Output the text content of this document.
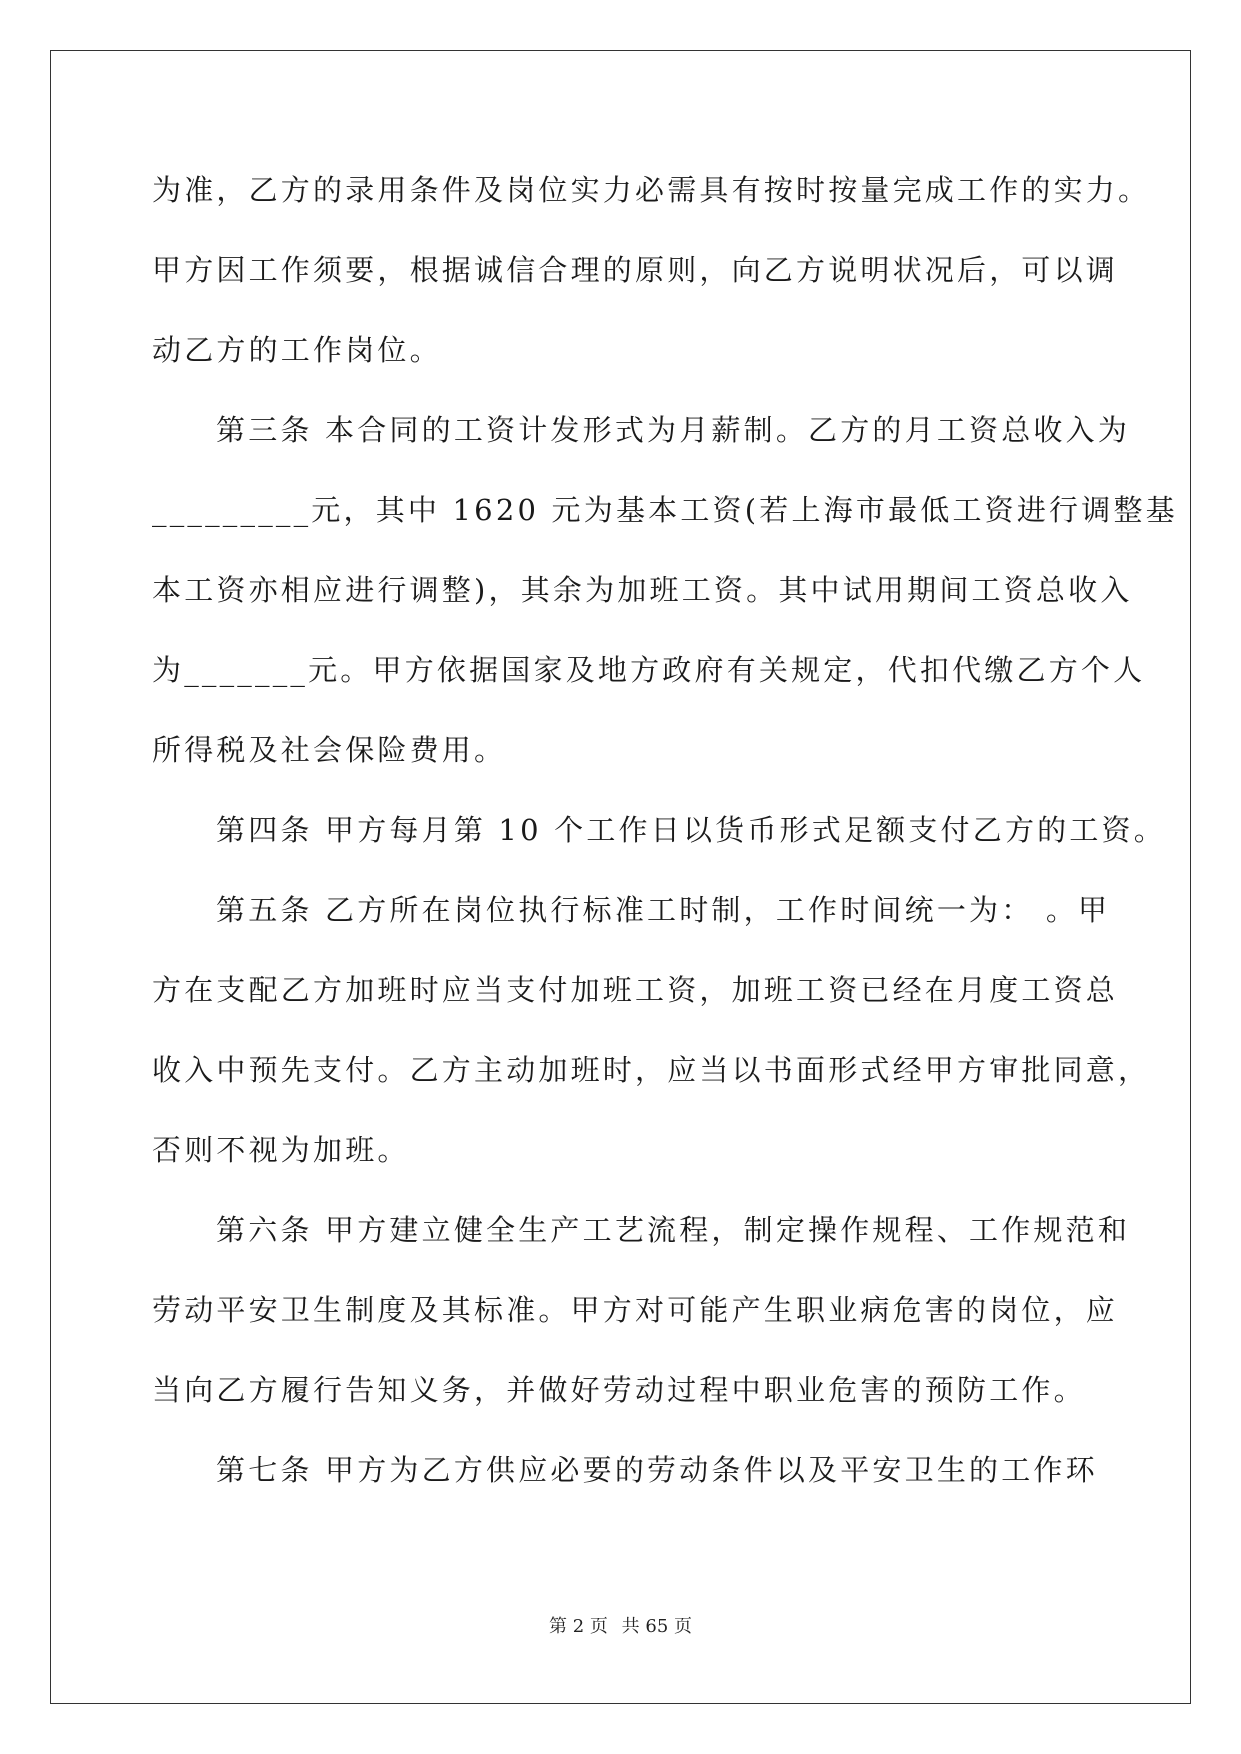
为准，乙方的录用条件及岗位实力必需具有按时按量完成工作的实力。
甲方因工作须要，根据诚信合理的原则，向乙方说明状况后，可以调
动乙方的工作岗位。
第三条 本合同的工资计发形式为月薪制。乙方的月工资总收入为
_________元，其中 1620 元为基本工资(若上海市最低工资进行调整基
本工资亦相应进行调整)，其余为加班工资。其中试用期间工资总收入
为_______元。甲方依据国家及地方政府有关规定，代扣代缴乙方个人
所得税及社会保险费用。
第四条 甲方每月第 10 个工作日以货币形式足额支付乙方的工资。
第五条 乙方所在岗位执行标准工时制，工作时间统一为： 。甲
方在支配乙方加班时应当支付加班工资，加班工资已经在月度工资总
收入中预先支付。乙方主动加班时，应当以书面形式经甲方审批同意，
否则不视为加班。
第六条 甲方建立健全生产工艺流程，制定操作规程、工作规范和
劳动平安卫生制度及其标准。甲方对可能产生职业病危害的岗位，应
当向乙方履行告知义务，并做好劳动过程中职业危害的预防工作。
第七条 甲方为乙方供应必要的劳动条件以及平安卫生的工作环
第 2 页 共 65 页
